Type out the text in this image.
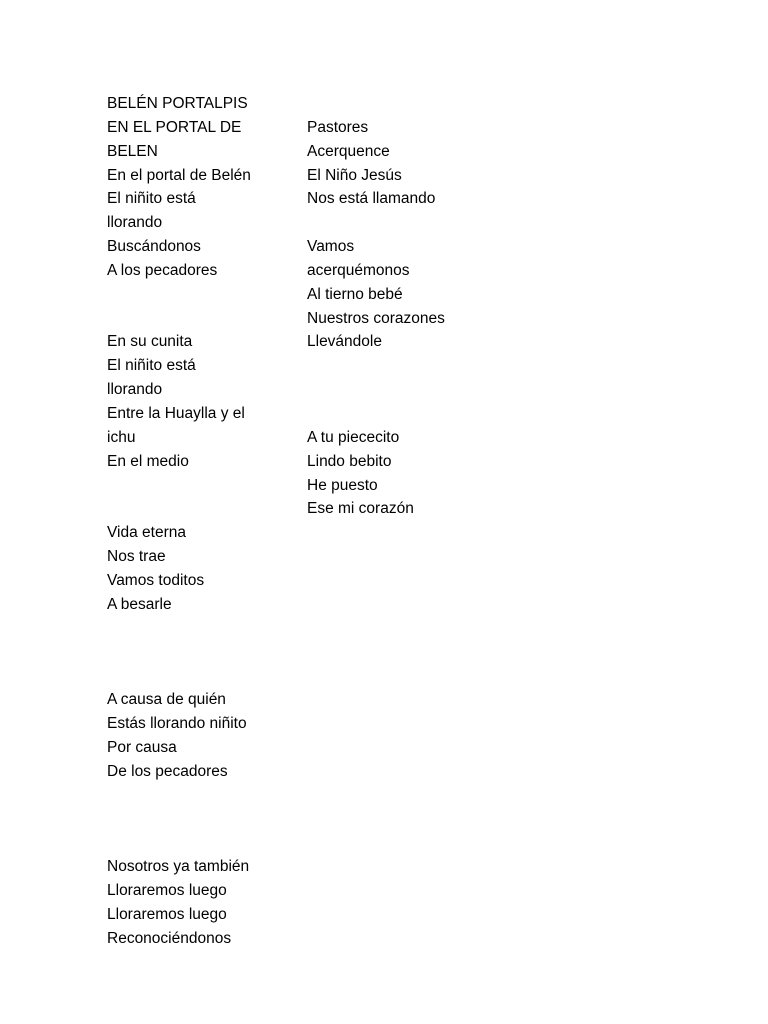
BELÉN PORTALPIS
EN EL PORTAL DE
BELEN
En el portal de Belén
El niñito está
llorando
Buscándonos
A los pecadores
En su cunita
El niñito está
llorando
Entre la Huaylla y el
ichu
En el medio
Vida eterna
Nos trae
Vamos toditos
A besarle
A causa de quién
Estás llorando niñito
Por causa
De los pecadores
Nosotros ya también
Lloraremos luego
Lloraremos luego
Reconociéndonos
Pastores
Acerquence
El Niño Jesús
Nos está llamando
Vamos
acerquémonos
Al tierno bebé
Nuestros corazones
Llevándole
A tu piececito
Lindo bebito
He puesto
Ese mi corazón
